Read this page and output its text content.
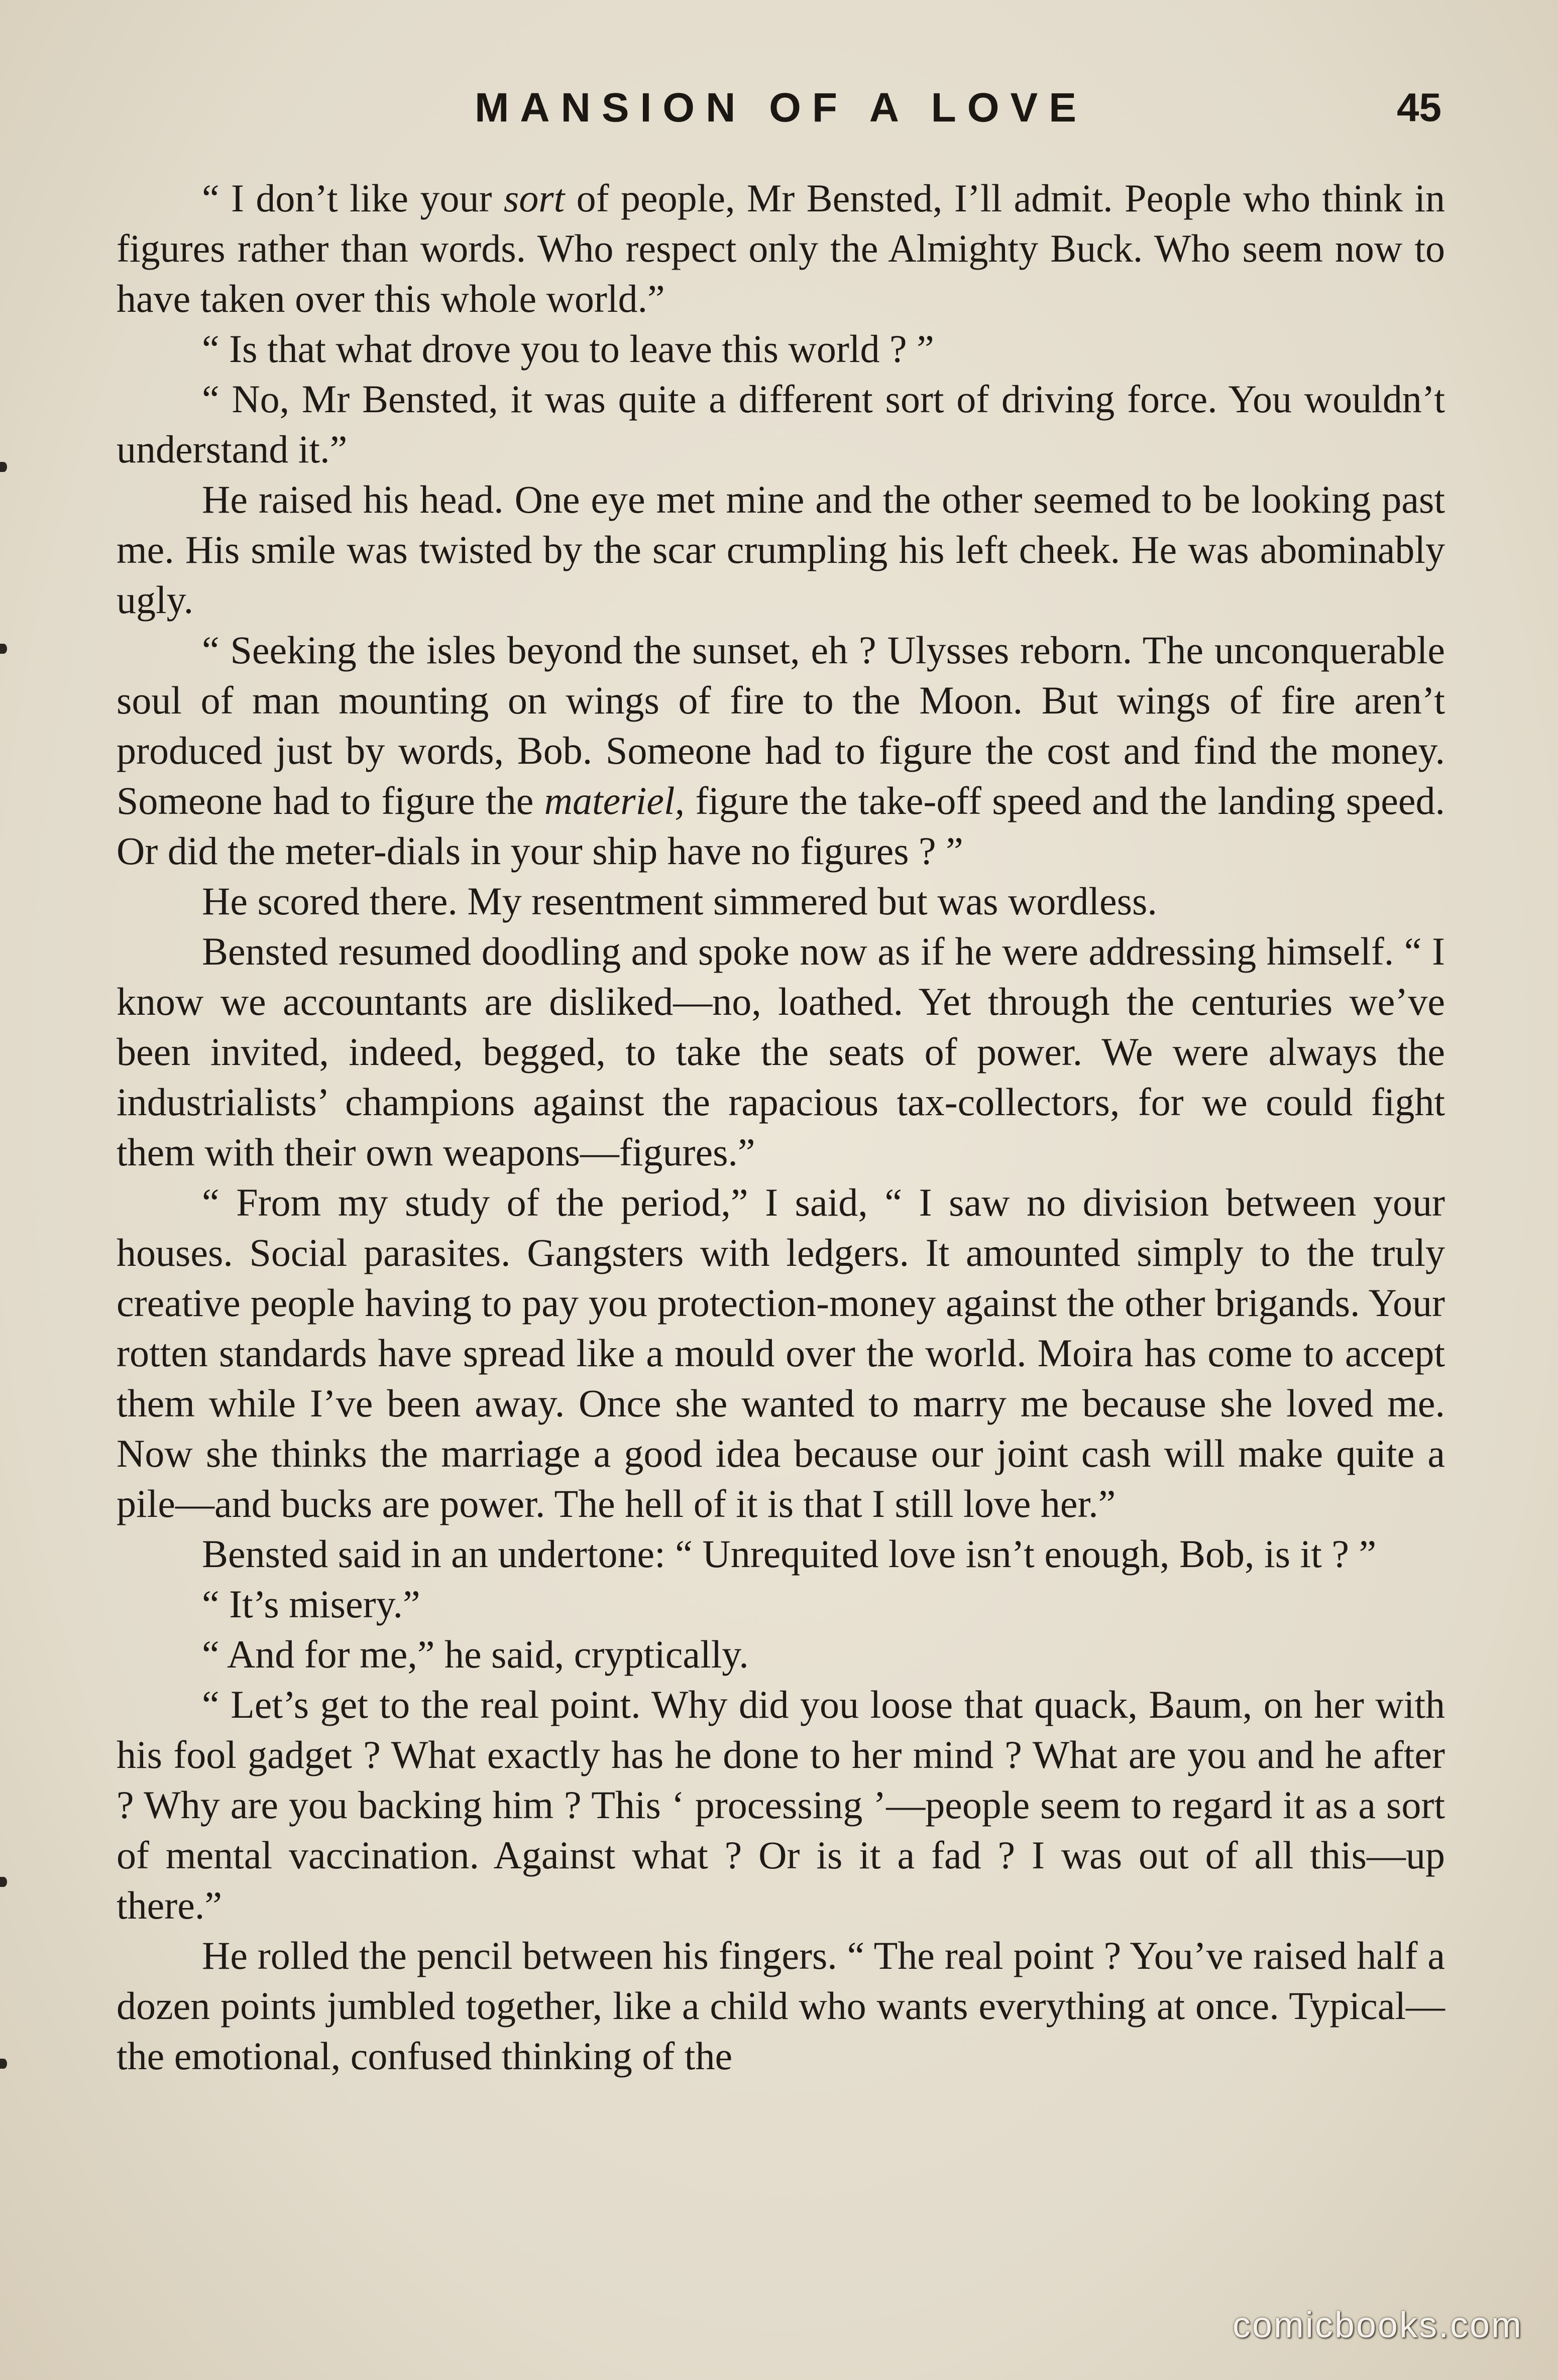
MANSION OF A LOVE	45

“ I don’t like your sort of people, Mr Bensted, I’ll admit. People who think in figures rather than words. Who respect only the Almighty Buck. Who seem now to have taken over this whole world.”

“ Is that what drove you to leave this world ? ”

“ No, Mr Bensted, it was quite a different sort of driving force. You wouldn’t understand it.”

He raised his head. One eye met mine and the other seemed to be looking past me. His smile was twisted by the scar crumpling his left cheek. He was abominably ugly.

“ Seeking the isles beyond the sunset, eh ? Ulysses reborn. The unconquerable soul of man mounting on wings of fire to the Moon. But wings of fire aren’t produced just by words, Bob. Someone had to figure the cost and find the money. Someone had to figure the materiel, figure the take-off speed and the landing speed. Or did the meter-dials in your ship have no figures ? ”

He scored there. My resentment simmered but was wordless.

Bensted resumed doodling and spoke now as if he were addressing himself. “ I know we accountants are disliked—no, loathed. Yet through the centuries we’ve been invited, indeed, begged, to take the seats of power. We were always the industrialists’ champions against the rapacious tax-collectors, for we could fight them with their own weapons—figures.”

“ From my study of the period,” I said, “ I saw no division between your houses. Social parasites. Gangsters with ledgers. It amounted simply to the truly creative people having to pay you protection-money against the other brigands. Your rotten standards have spread like a mould over the world. Moira has come to accept them while I’ve been away. Once she wanted to marry me because she loved me. Now she thinks the marriage a good idea because our joint cash will make quite a pile—and bucks are power. The hell of it is that I still love her.”

Bensted said in an undertone: “ Unrequited love isn’t enough, Bob, is it ? ”

“ It’s misery.”

“ And for me,” he said, cryptically.

“ Let’s get to the real point. Why did you loose that quack, Baum, on her with his fool gadget ? What exactly has he done to her mind ? What are you and he after ? Why are you backing him ? This ‘ processing ’—people seem to regard it as a sort of mental vaccination. Against what ? Or is it a fad ? I was out of all this—up there.”

He rolled the pencil between his fingers. “ The real point ? You’ve raised half a dozen points jumbled together, like a child who wants everything at once. Typical—the emotional, confused thinking of the

comicbooks.com
